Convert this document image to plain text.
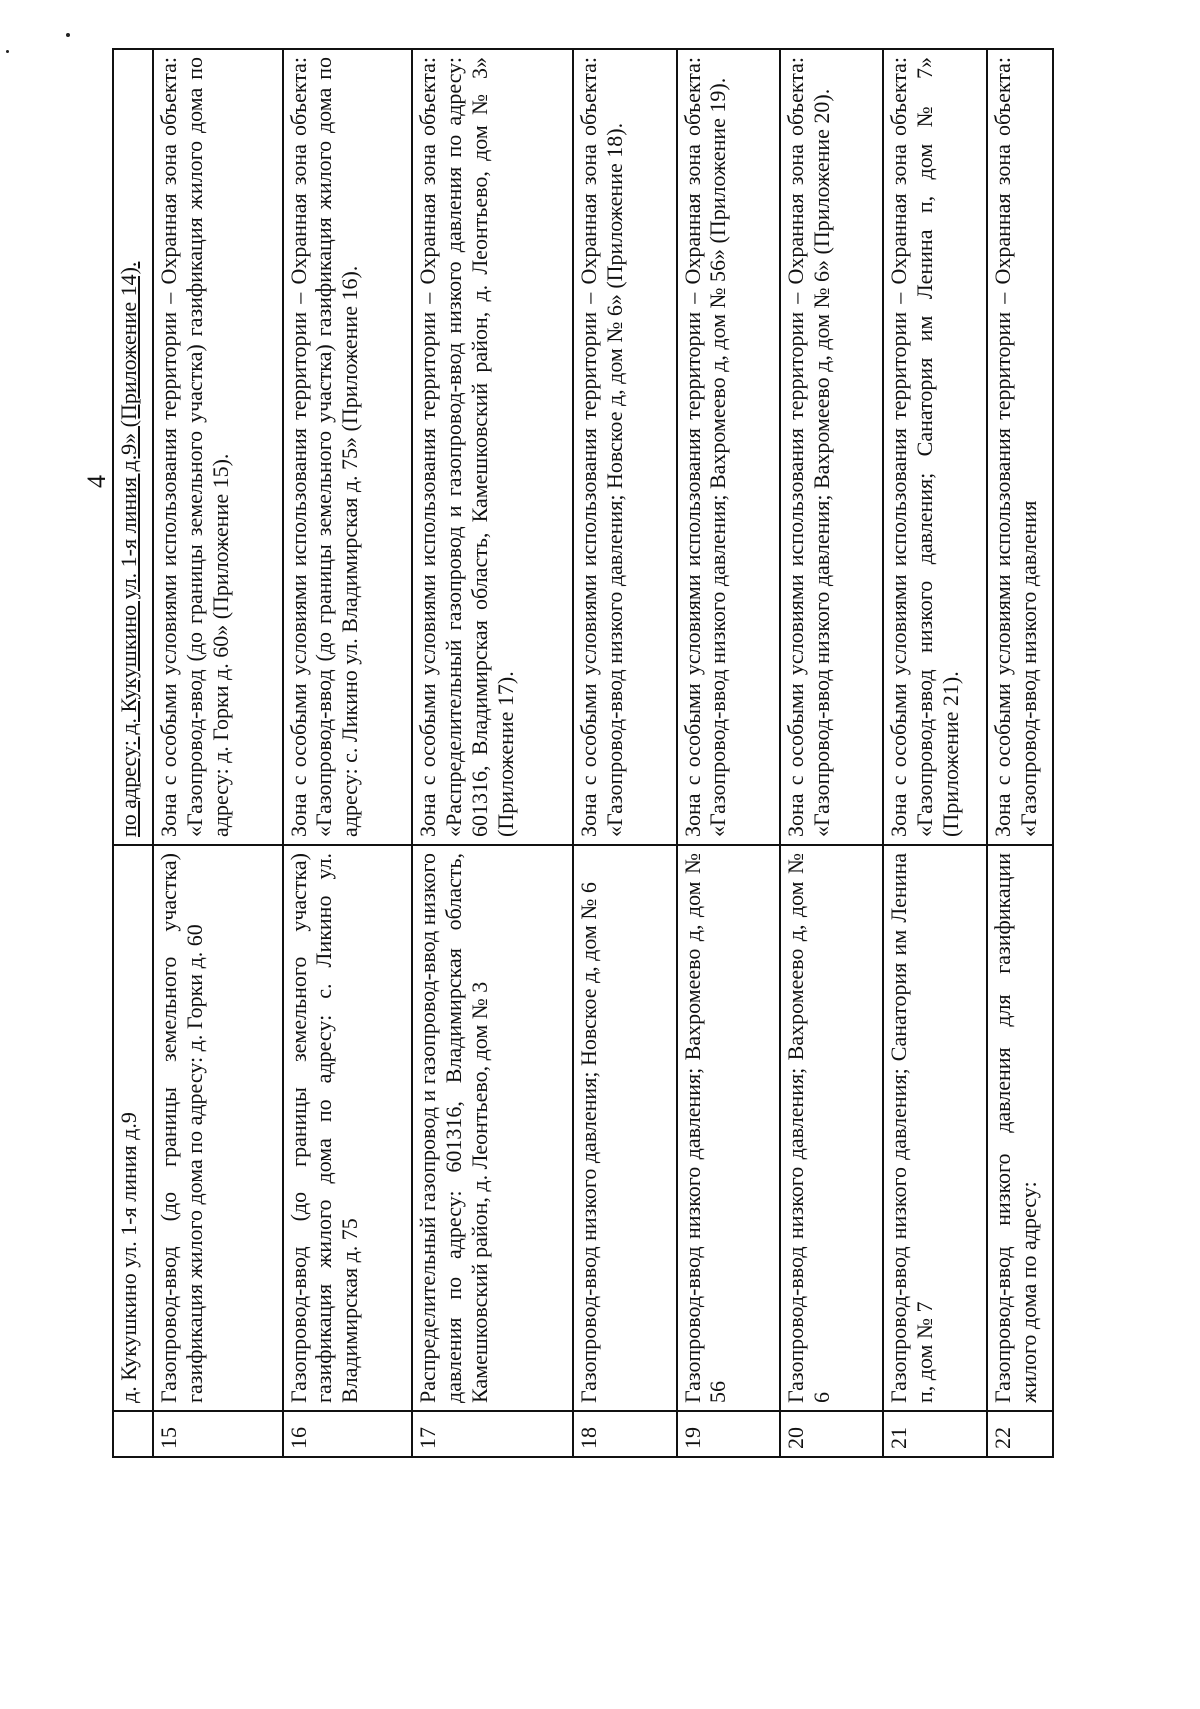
4
	д. Кукушкино ул. 1-я линия д.9	по адресу: д. Кукушкино ул. 1-я линия д.9» (Приложение 14).
15	Газопровод-ввод (до границы земельного участка) газификация жилого дома по адресу: д. Горки д. 60	Зона с особыми условиями использования территории – Охранная зона объекта: «Газопровод-ввод (до границы земельного участка) газификация жилого дома по адресу: д. Горки д. 60» (Приложение 15).
16	Газопровод-ввод (до границы земельного участка) газификация жилого дома по адресу: с. Ликино ул. Владимирская д. 75	Зона с особыми условиями использования территории – Охранная зона объекта: «Газопровод-ввод (до границы земельного участка) газификация жилого дома по адресу: с. Ликино ул. Владимирская д. 75» (Приложение 16).
17	Распределительный газопровод и газопровод-ввод низкого давления по адресу: 601316, Владимирская область, Камешковский район, д. Леонтьево, дом № 3	Зона с особыми условиями использования территории – Охранная зона объекта: «Распределительный газопровод и газопровод-ввод низкого давления по адресу: 601316, Владимирская область, Камешковский район, д. Леонтьево, дом № 3» (Приложение 17).
18	Газопровод-ввод низкого давления; Новское д, дом № 6	Зона с особыми условиями использования территории – Охранная зона объекта: «Газопровод-ввод низкого давления; Новское д, дом № 6» (Приложение 18).
19	Газопровод-ввод низкого давления; Вахромеево д, дом № 56	Зона с особыми условиями использования территории – Охранная зона объекта: «Газопровод-ввод низкого давления; Вахромеево д, дом № 56» (Приложение 19).
20	Газопровод-ввод низкого давления; Вахромеево д, дом № 6	Зона с особыми условиями использования территории – Охранная зона объекта: «Газопровод-ввод низкого давления; Вахромеево д, дом № 6» (Приложение 20).
21	Газопровод-ввод низкого давления; Санатория им Ленина п, дом № 7	Зона с особыми условиями использования территории – Охранная зона объекта: «Газопровод-ввод низкого давления; Санатория им Ленина п, дом № 7» (Приложение 21).
22	Газопровод-ввод низкого давления для газификации жилого дома по адресу:	Зона с особыми условиями использования территории – Охранная зона объекта: «Газопровод-ввод низкого давления
